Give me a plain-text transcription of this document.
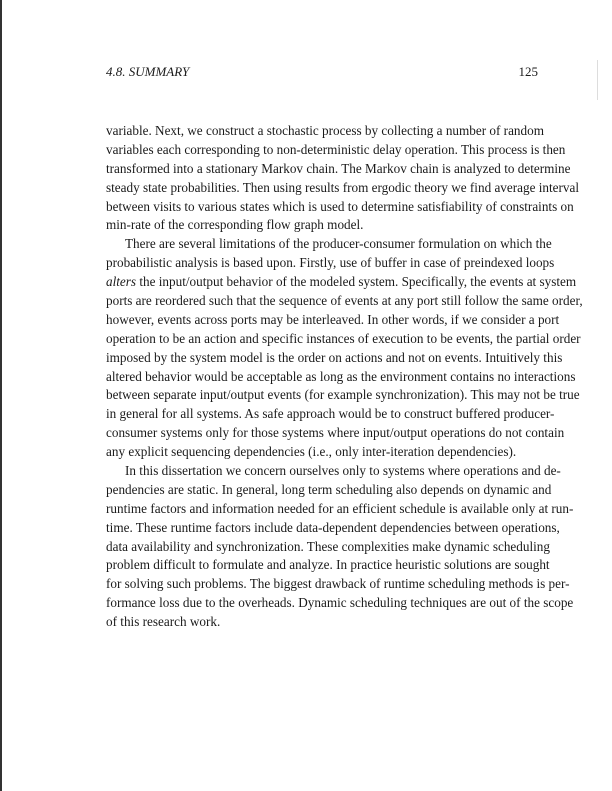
4.8. SUMMARY	125
variable. Next, we construct a stochastic process by collecting a number of random
variables each corresponding to non-deterministic delay operation. This process is then
transformed into a stationary Markov chain. The Markov chain is analyzed to determine
steady state probabilities. Then using results from ergodic theory we find average interval
between visits to various states which is used to determine satisfiability of constraints on
min-rate of the corresponding flow graph model.
There are several limitations of the producer-consumer formulation on which the
probabilistic analysis is based upon. Firstly, use of buffer in case of preindexed loops
alters the input/output behavior of the modeled system. Specifically, the events at system
ports are reordered such that the sequence of events at any port still follow the same order,
however, events across ports may be interleaved. In other words, if we consider a port
operation to be an action and specific instances of execution to be events, the partial order
imposed by the system model is the order on actions and not on events. Intuitively this
altered behavior would be acceptable as long as the environment contains no interactions
between separate input/output events (for example synchronization). This may not be true
in general for all systems. As safe approach would be to construct buffered producer-
consumer systems only for those systems where input/output operations do not contain
any explicit sequencing dependencies (i.e., only inter-iteration dependencies).
In this dissertation we concern ourselves only to systems where operations and de-
pendencies are static. In general, long term scheduling also depends on dynamic and
runtime factors and information needed for an efficient schedule is available only at run-
time. These runtime factors include data-dependent dependencies between operations,
data availability and synchronization. These complexities make dynamic scheduling
problem difficult to formulate and analyze. In practice heuristic solutions are sought
for solving such problems. The biggest drawback of runtime scheduling methods is per-
formance loss due to the overheads. Dynamic scheduling techniques are out of the scope
of this research work.
